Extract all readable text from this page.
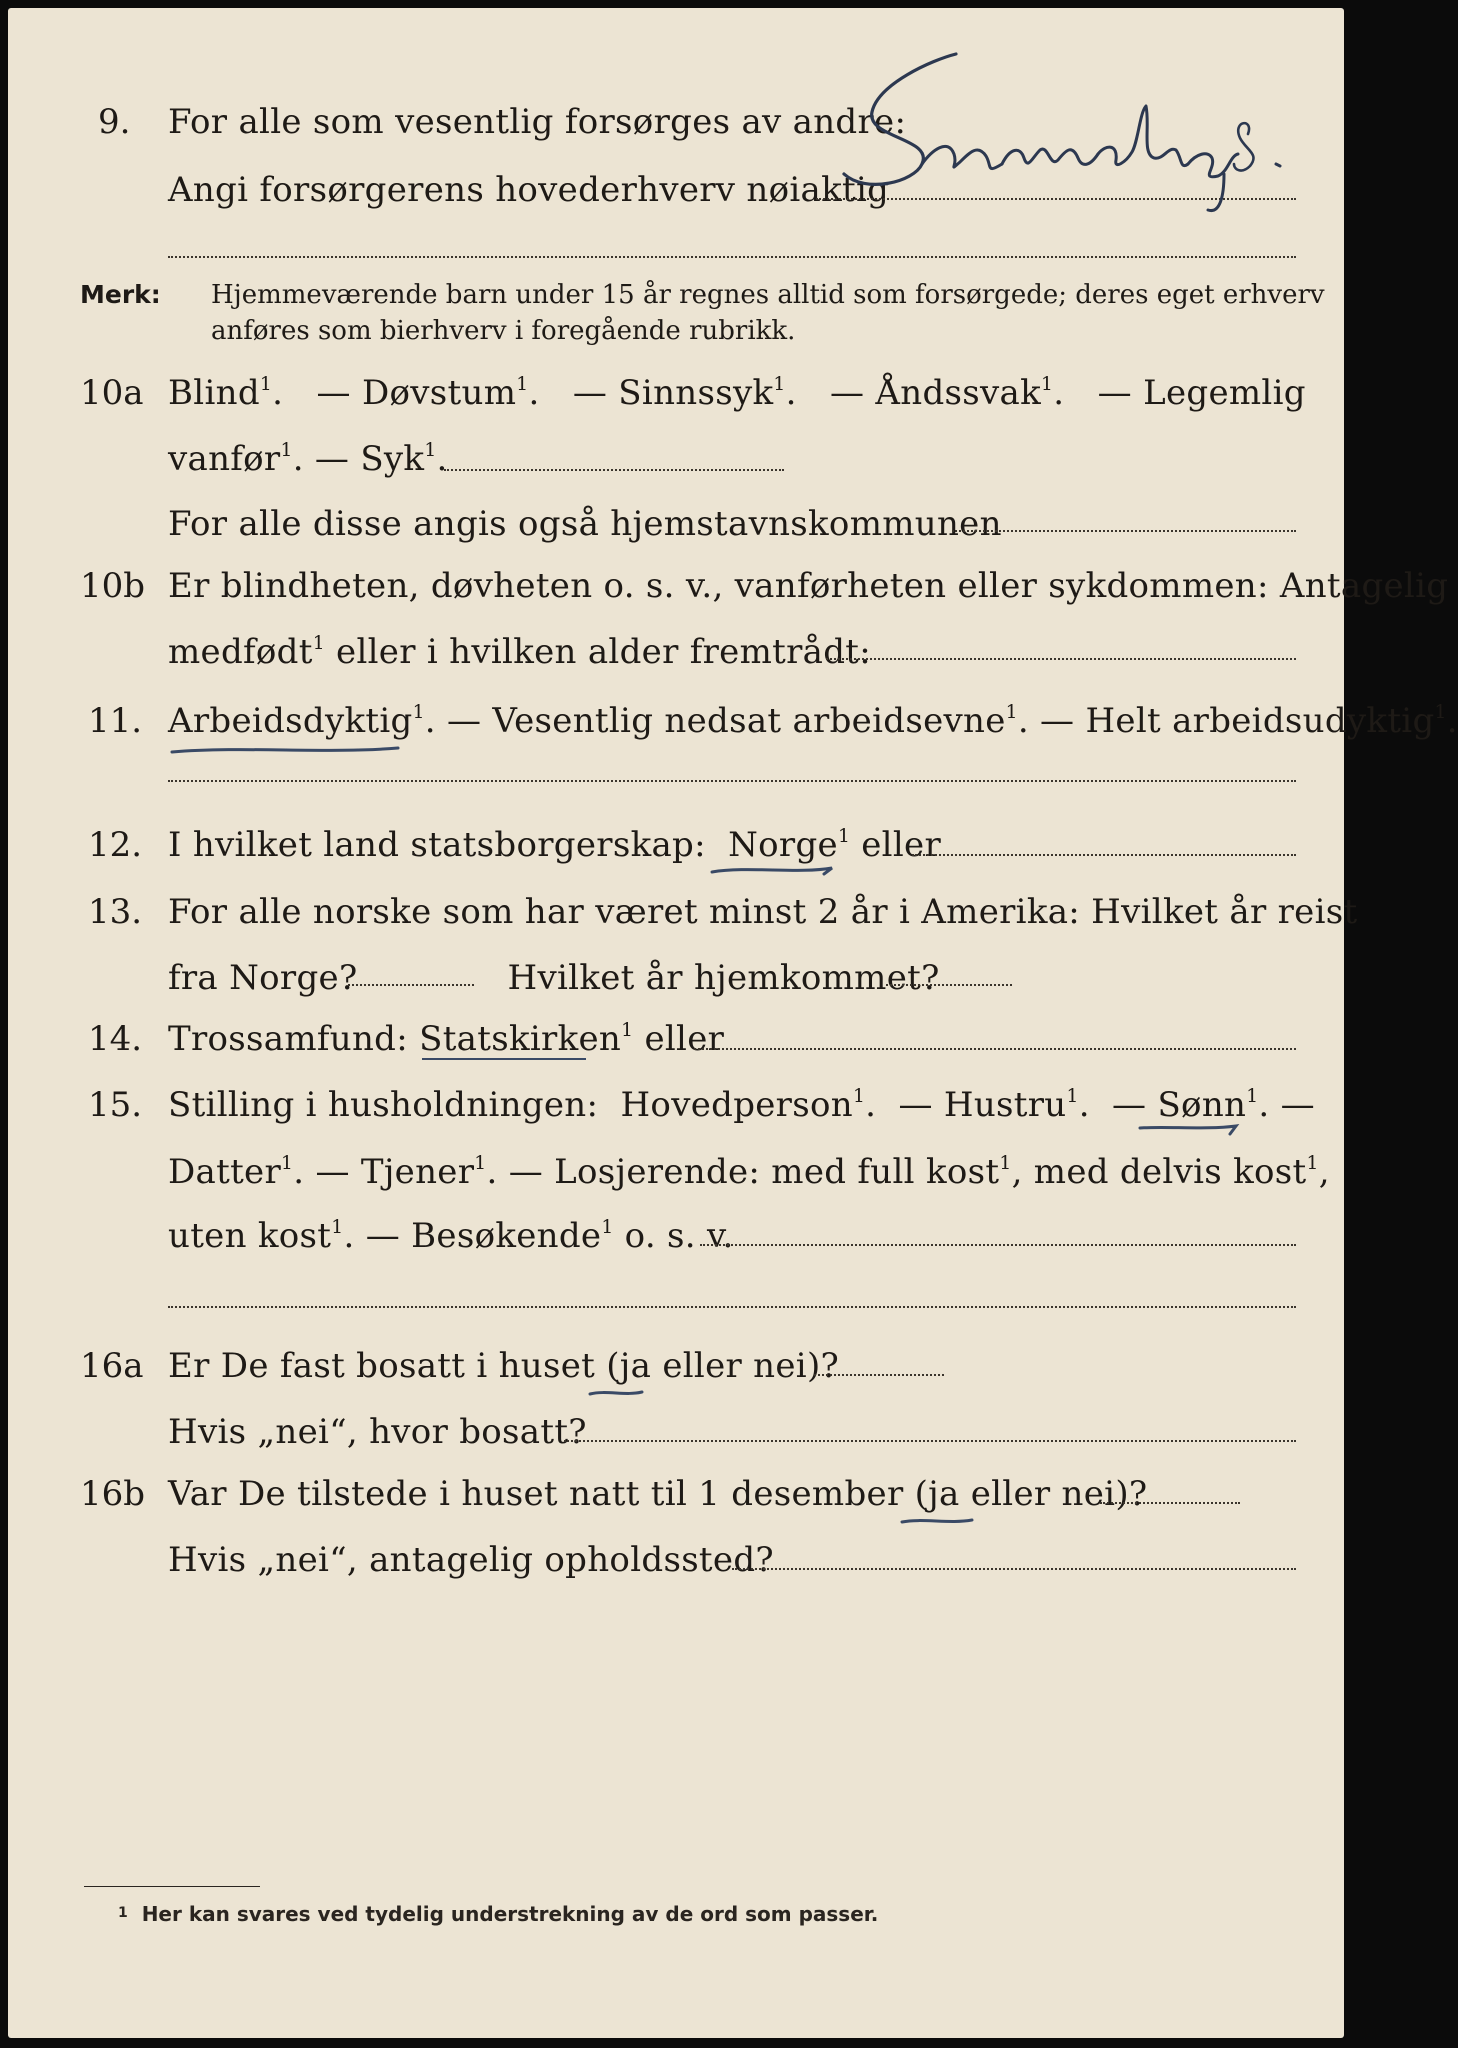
9. For alle som vesentlig forsørges av andre:
Angi forsørgerens hovederhverv nøiaktig
Merk: Hjemmeværende barn under 15 år regnes alltid som forsørgede; deres eget erhverv
anføres som bierhverv i foregående rubrikk.
10a Blind$^1$.   — Døvstum$^1$.   — Sinnssyk$^1$.   — Åndssvak$^1$.   — Legemlig
vanfør$^1$. — Syk$^1$.
For alle disse angis også hjemstavnskommunen
10b Er blindheten, døvheten o. s. v., vanførheten eller sykdommen: Antagelig
medfødt$^1$ eller i hvilken alder fremtrådt:
11. Arbeidsdyktig$^1$. — Vesentlig nedsat arbeidsevne$^1$. — Helt arbeidsudyktig$^1$.
12. I hvilket land statsborgerskap: Norge$^1$ eller
13. For alle norske som har været minst 2 år i Amerika: Hvilket år reist
fra Norge?	Hvilket år hjemkommet?
14. Trossamfund: Statskirken$^1$ eller
15. Stilling i husholdningen: Hovedperson$^1$.  — Hustru$^1$.  — Sønn$^1$. —
Datter$^1$. — Tjener$^1$. — Losjerende: med full kost$^1$, med delvis kost$^1$,
uten kost$^1$. — Besøkende$^1$ o. s. v.
16a Er De fast bosatt i huset (ja eller nei)?
Hvis „nei“, hvor bosatt?
16b Var De tilstede i huset natt til 1 desember (ja eller nei)?
Hvis „nei“, antagelig opholdssted?
$^1$ Her kan svares ved tydelig understrekning av de ord som passer.
